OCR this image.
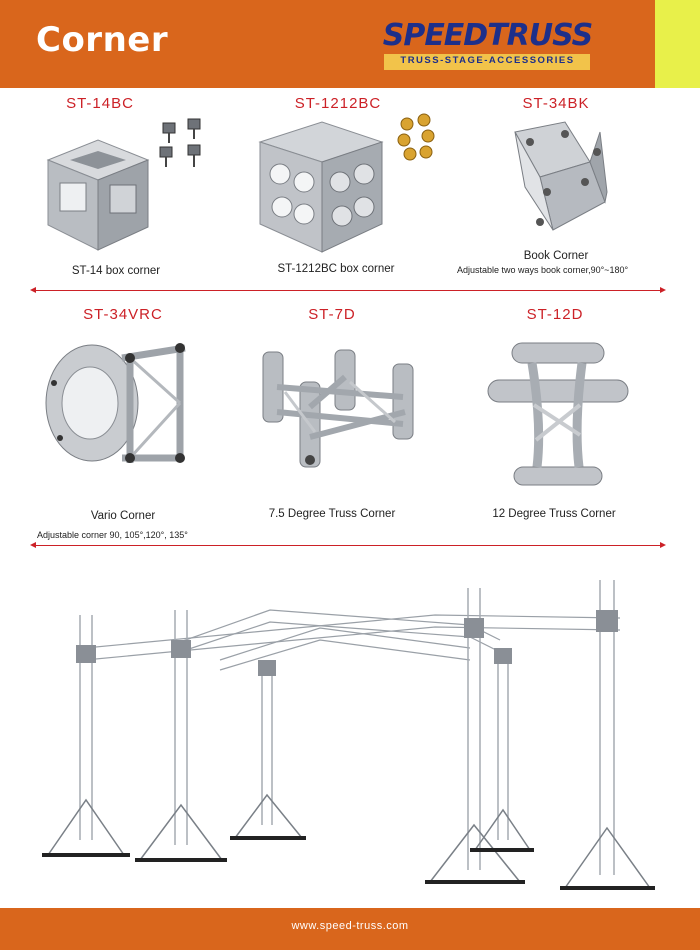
Corner	SPEEDTRUSS
TRUSS-STAGE-ACCESSORIES
ST-14BC	ST-1212BC	ST-34BK
ST-14 box corner	ST-1212BC box corner
Book Corner
Adjustable two ways book corner,90°~180°
ST-34VRC	ST-7D	ST-12D
Vario Corner
Adjustable corner 90, 105°,120°, 135°
7.5 Degree Truss Corner	12 Degree Truss Corner
www.speed-truss.com
